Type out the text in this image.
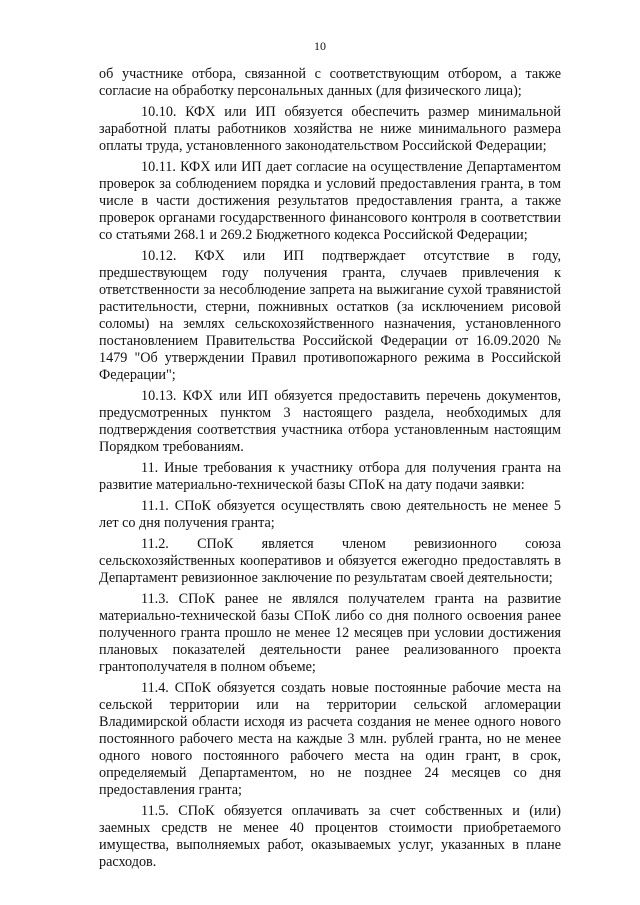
10

об участнике отбора, связанной с соответствующим отбором, а также согласие на обработку персональных данных (для физического лица);

10.10. КФХ или ИП обязуется обеспечить размер минимальной заработной платы работников хозяйства не ниже минимального размера оплаты труда, установленного законодательством Российской Федерации;

10.11. КФХ или ИП дает согласие на осуществление Департаментом проверок за соблюдением порядка и условий предоставления гранта, в том числе в части достижения результатов предоставления гранта, а также проверок органами государственного финансового контроля в соответствии со статьями 268.1 и 269.2 Бюджетного кодекса Российской Федерации;

10.12. КФХ или ИП подтверждает отсутствие в году, предшествующем году получения гранта, случаев привлечения к ответственности за несоблюдение запрета на выжигание сухой травянистой растительности, стерни, пожнивных остатков (за исключением рисовой соломы) на землях сельскохозяйственного назначения, установленного постановлением Правительства Российской Федерации от 16.09.2020 № 1479 "Об утверждении Правил противопожарного режима в Российской Федерации";

10.13. КФХ или ИП обязуется предоставить перечень документов, предусмотренных пунктом 3 настоящего раздела, необходимых для подтверждения соответствия участника отбора установленным настоящим Порядком требованиям.

11. Иные требования к участнику отбора для получения гранта на развитие материально-технической базы СПоК на дату подачи заявки:

11.1. СПоК обязуется осуществлять свою деятельность не менее 5 лет со дня получения гранта;

11.2. СПоК является членом ревизионного союза сельскохозяйственных кооперативов и обязуется ежегодно предоставлять в Департамент ревизионное заключение по результатам своей деятельности;

11.3. СПоК ранее не являлся получателем гранта на развитие материально-технической базы СПоК либо со дня полного освоения ранее полученного гранта прошло не менее 12 месяцев при условии достижения плановых показателей деятельности ранее реализованного проекта грантополучателя в полном объеме;

11.4. СПоК обязуется создать новые постоянные рабочие места на сельской территории или на территории сельской агломерации Владимирской области исходя из расчета создания не менее одного нового постоянного рабочего места на каждые 3 млн. рублей гранта, но не менее одного нового постоянного рабочего места на один грант, в срок, определяемый Департаментом, но не позднее 24 месяцев со дня предоставления гранта;

11.5. СПоК обязуется оплачивать за счет собственных и (или) заемных средств не менее 40 процентов стоимости приобретаемого имущества, выполняемых работ, оказываемых услуг, указанных в плане расходов.
